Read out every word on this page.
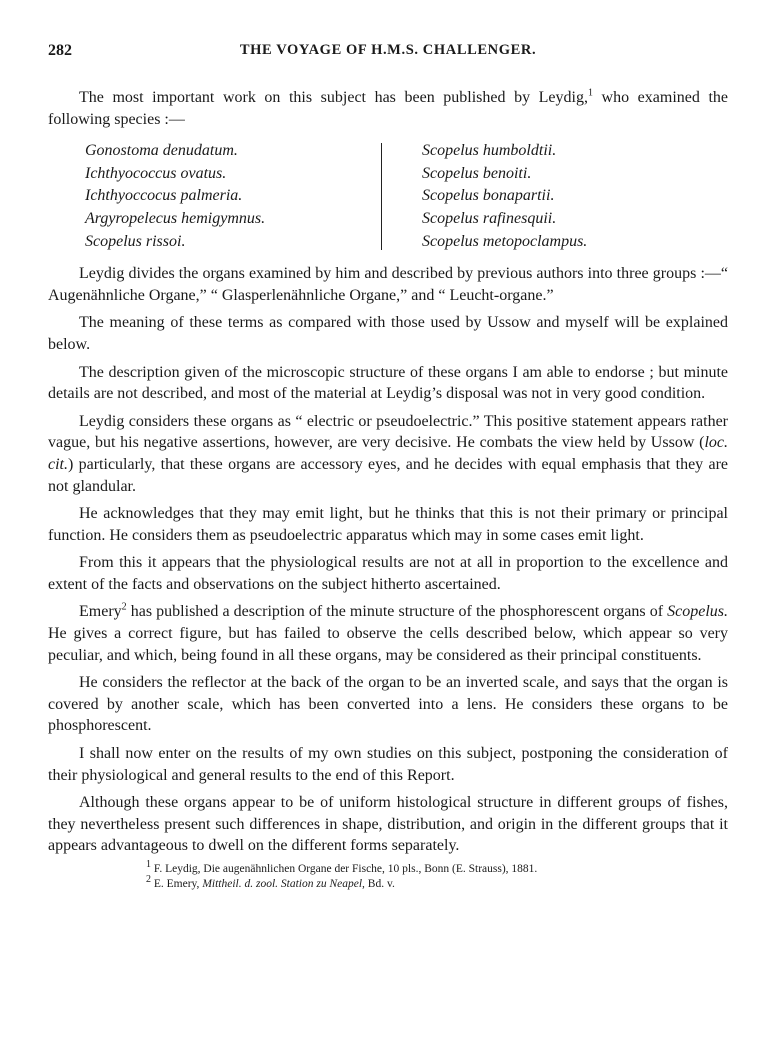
282	THE VOYAGE OF H.M.S. CHALLENGER.

The most important work on this subject has been published by Leydig,$^1$ who examined the following species :—

Gonostoma denudatum.
Ichthyococcus ovatus.
Ichthyoccocus palmeria.
Argyropelecus hemigymnus.
Scopelus rissoi.
Scopelus humboldtii.
Scopelus benoiti.
Scopelus bonapartii.
Scopelus rafinesquii.
Scopelus metopoclampus.

Leydig divides the organs examined by him and described by previous authors into three groups :—“ Augenähnliche Organe,” “ Glasperlenähnliche Organe,” and “ Leucht-organe.”

The meaning of these terms as compared with those used by Ussow and myself will be explained below.

The description given of the microscopic structure of these organs I am able to endorse ; but minute details are not described, and most of the material at Leydig’s disposal was not in very good condition.

Leydig considers these organs as “ electric or pseudoelectric.” This positive statement appears rather vague, but his negative assertions, however, are very decisive. He combats the view held by Ussow (loc. cit.) particularly, that these organs are accessory eyes, and he decides with equal emphasis that they are not glandular.

He acknowledges that they may emit light, but he thinks that this is not their primary or principal function. He considers them as pseudoelectric apparatus which may in some cases emit light.

From this it appears that the physiological results are not at all in proportion to the excellence and extent of the facts and observations on the subject hitherto ascertained.

Emery$^2$ has published a description of the minute structure of the phosphorescent organs of Scopelus. He gives a correct figure, but has failed to observe the cells described below, which appear so very peculiar, and which, being found in all these organs, may be considered as their principal constituents.

He considers the reflector at the back of the organ to be an inverted scale, and says that the organ is covered by another scale, which has been converted into a lens. He considers these organs to be phosphorescent.

I shall now enter on the results of my own studies on this subject, postponing the consideration of their physiological and general results to the end of this Report.

Although these organs appear to be of uniform histological structure in different groups of fishes, they nevertheless present such differences in shape, distribution, and origin in the different groups that it appears advantageous to dwell on the different forms separately.

$^1$ F. Leydig, Die augenähnlichen Organe der Fische, 10 pls., Bonn (E. Strauss), 1881.
$^2$ E. Emery, Mittheil. d. zool. Station zu Neapel, Bd. v.
